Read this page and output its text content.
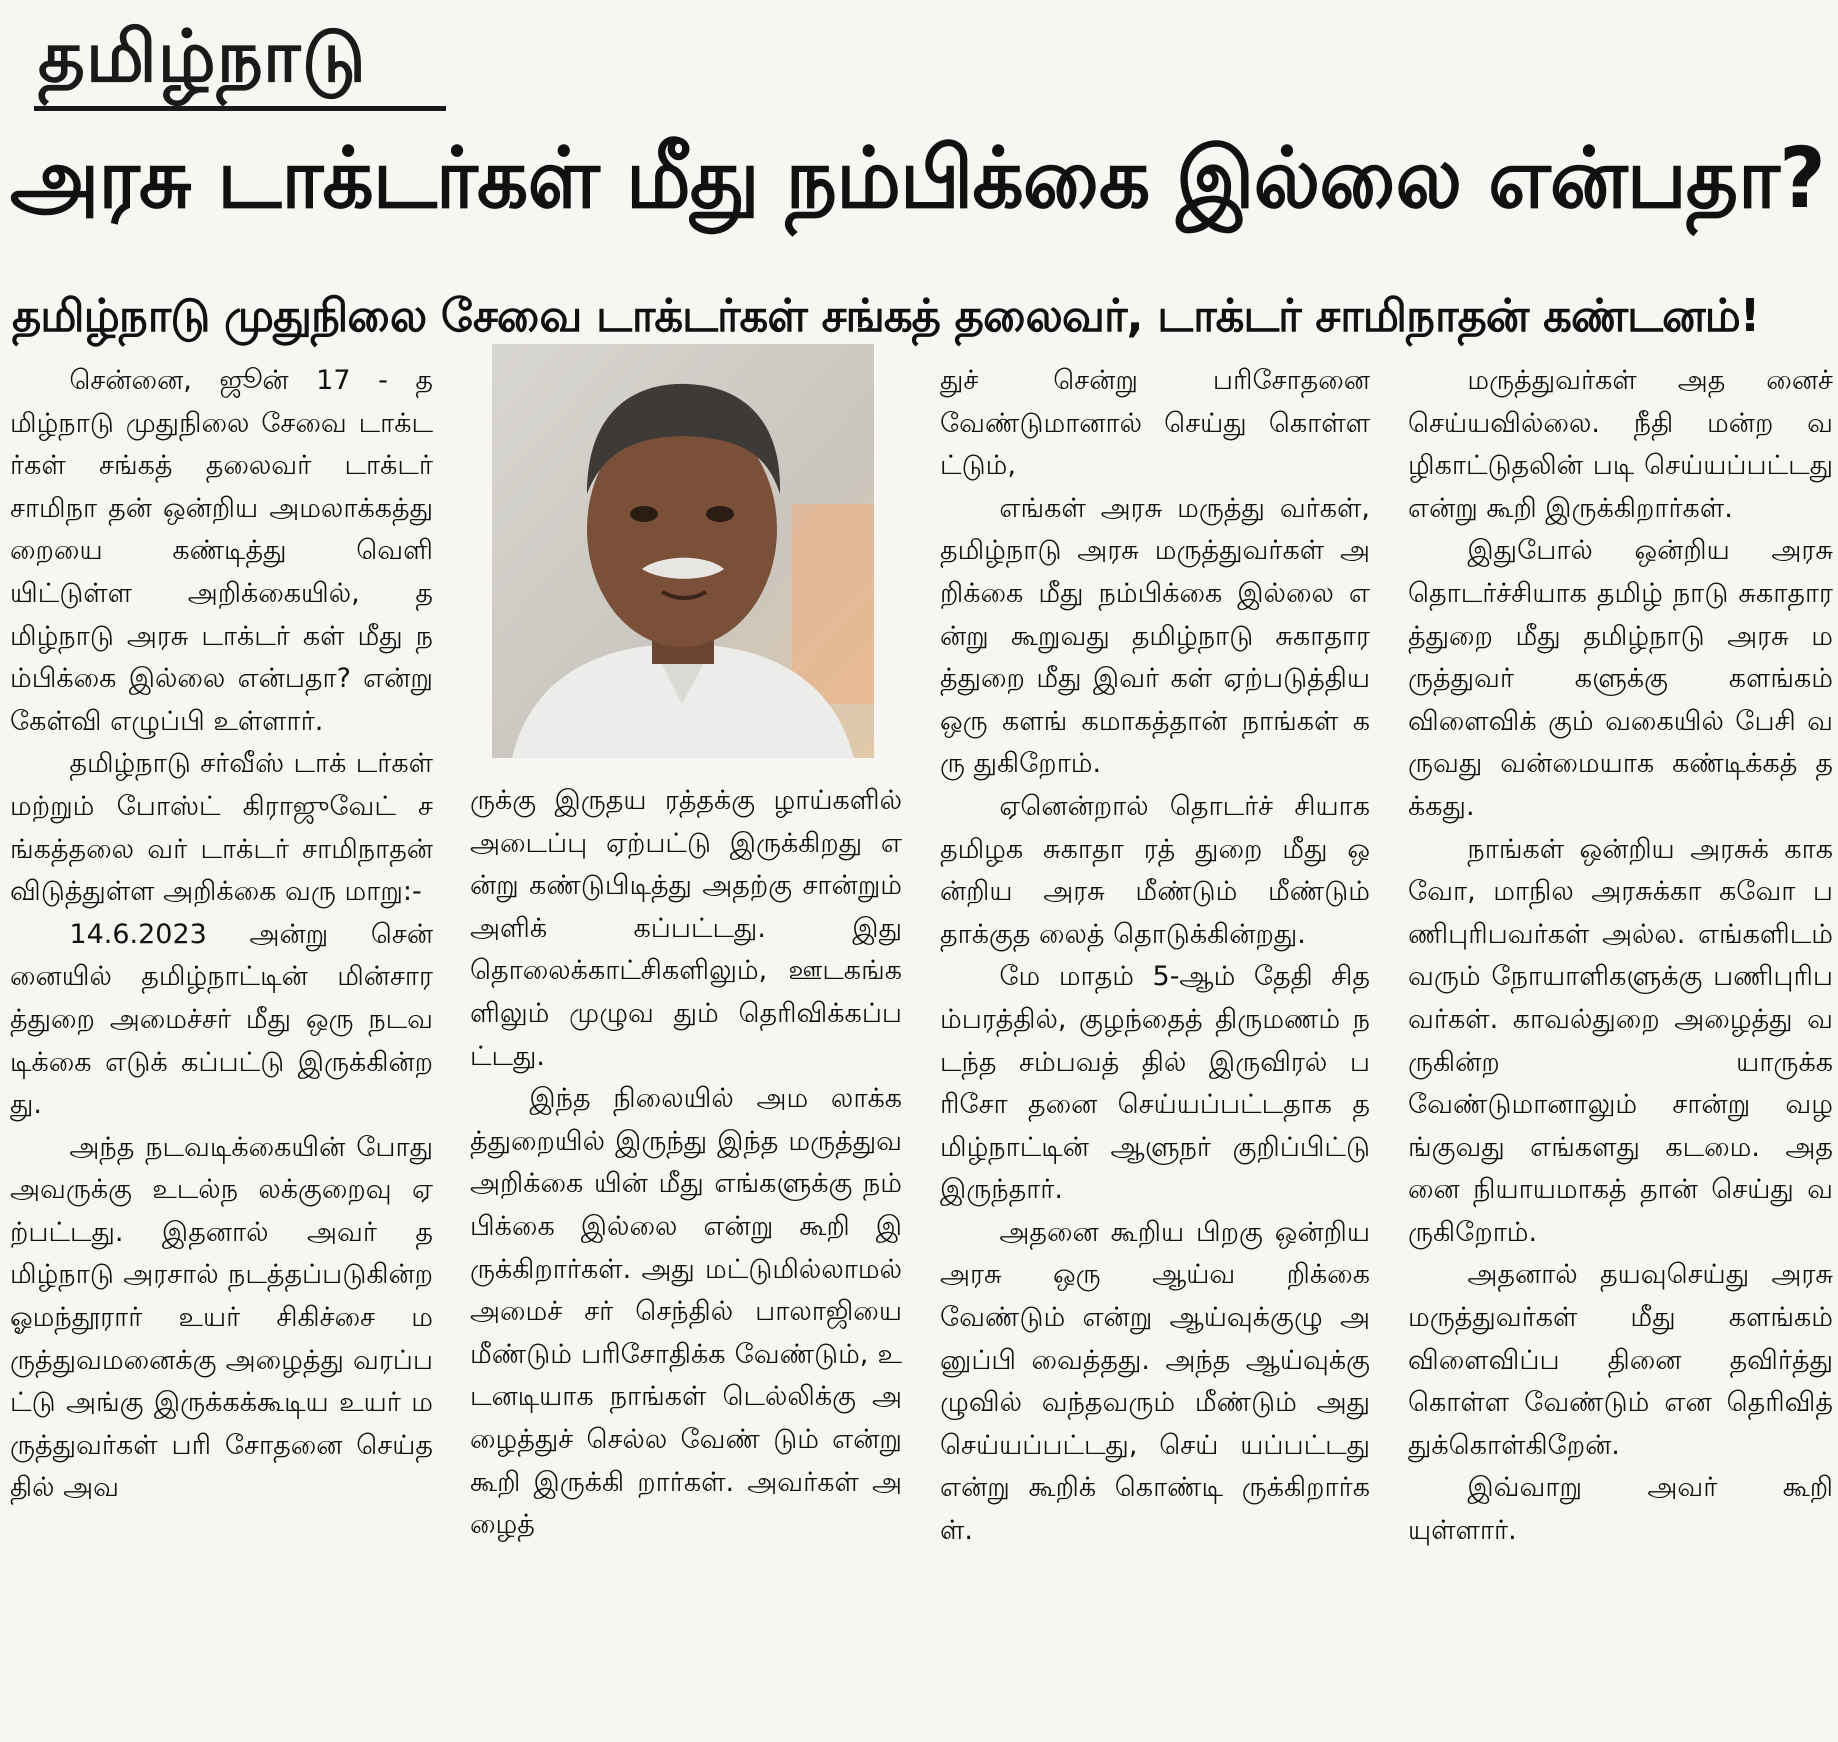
தமிழ்நாடு
அரசு டாக்டர்கள் மீது நம்பிக்கை இல்லை என்பதா?
தமிழ்நாடு முதுநிலை சேவை டாக்டர்கள் சங்கத் தலைவர், டாக்டர் சாமிநாதன் கண்டனம்!

சென்னை, ஜூன் 17 - தமிழ்நாடு முதுநிலை சேவை டாக்டர்கள் சங்கத் தலைவர் டாக்டர் சாமிநா தன் ஒன்றிய அமலாக்கத்து றையை கண்டித்து வெளி யிட்டுள்ள அறிக்கையில், தமிழ்நாடு அரசு டாக்டர் கள் மீது நம்பிக்கை இல்லை என்பதா? என்று கேள்வி எழுப்பி உள்ளார்.

தமிழ்நாடு சர்வீஸ் டாக் டர்கள் மற்றும் போஸ்ட் கிராஜுவேட் சங்கத்தலை வர் டாக்டர் சாமிநாதன் விடுத்துள்ள அறிக்கை வரு மாறு:-

14.6.2023 அன்று சென் னையில் தமிழ்நாட்டின் மின்சாரத்துறை அமைச்சர் மீது ஒரு நடவடிக்கை எடுக் கப்பட்டு இருக்கின்றது.

அந்த நடவடிக்கையின் போது அவருக்கு உடல்ந லக்குறைவு ஏற்பட்டது. இதனால் அவர் தமிழ்நாடு அரசால் நடத்தப்படுகின்ற ஓமந்தூரார் உயர் சிகிச்சை மருத்துவமனைக்கு அழைத்து வரப்பட்டு அங்கு இருக்கக்கூடிய உயர் மருத்துவர்கள் பரி சோதனை செய்ததில் அவ

ருக்கு இருதய ரத்தக்கு ழாய்களில் அடைப்பு ஏற்பட்டு இருக்கிறது என்று கண்டுபிடித்து அதற்கு சான்றும் அளிக் கப்பட்டது. இது தொலைக்காட்சிகளிலும், ஊடகங்களிலும் முழுவ தும் தெரிவிக்கப்பட்டது.

இந்த நிலையில் அம லாக்கத்துறையில் இருந்து இந்த மருத்துவ அறிக்கை யின் மீது எங்களுக்கு நம் பிக்கை இல்லை என்று கூறி இருக்கிறார்கள். அது மட்டுமில்லாமல் அமைச் சர் செந்தில் பாலாஜியை மீண்டும் பரிசோதிக்க வேண்டும், உடனடியாக நாங்கள் டெல்லிக்கு அழைத்துச் செல்ல வேண் டும் என்று கூறி இருக்கி றார்கள். அவர்கள் அழைத்

துச் சென்று பரிசோதனை வேண்டுமானால் செய்து கொள்ளட்டும்,

எங்கள் அரசு மருத்து வர்கள், தமிழ்நாடு அரசு மருத்துவர்கள் அறிக்கை மீது நம்பிக்கை இல்லை என்று கூறுவது தமிழ்நாடு சுகாதாரத்துறை மீது இவர் கள் ஏற்படுத்திய ஒரு களங் கமாகத்தான் நாங்கள் கரு துகிறோம்.

ஏனென்றால் தொடர்ச் சியாக தமிழக சுகாதா ரத் துறை மீது ஒன்றிய அரசு மீண்டும் மீண்டும் தாக்குத லைத் தொடுக்கின்றது.

மே மாதம் 5-ஆம் தேதி சிதம்பரத்தில், குழந்தைத் திருமணம் நடந்த சம்பவத் தில் இருவிரல் பரிசோ தனை செய்யப்பட்டதாக தமிழ்நாட்டின் ஆளுநர் குறிப்பிட்டு இருந்தார்.

அதனை கூறிய பிறகு ஒன்றிய அரசு ஒரு ஆய்வ றிக்கை வேண்டும் என்று ஆய்வுக்குழு அனுப்பி வைத்தது. அந்த ஆய்வுக்கு ழுவில் வந்தவரும் மீண்டும் அது செய்யப்பட்டது, செய் யப்பட்டது என்று கூறிக் கொண்டி ருக்கிறார்கள்.

மருத்துவர்கள் அத னைச் செய்யவில்லை. நீதி மன்ற வழிகாட்டுதலின் படி செய்யப்பட்டது என்று கூறி இருக்கிறார்கள்.

இதுபோல் ஒன்றிய அரசு தொடர்ச்சியாக தமிழ் நாடு சுகாதாரத்துறை மீது தமிழ்நாடு அரசு மருத்துவர் களுக்கு களங்கம் விளைவிக் கும் வகையில் பேசி வருவது வன்மையாக கண்டிக்கத் தக்கது.

நாங்கள் ஒன்றிய அரசுக் காகவோ, மாநில அரசுக்கா கவோ பணிபுரிபவர்கள் அல்ல. எங்களிடம் வரும் நோயாளிகளுக்கு பணிபுரிப வர்கள். காவல்துறை அழைத்து வருகின்ற யாருக்க வேண்டுமானாலும் சான்று வழங்குவது எங்களது கடமை. அதனை நியாயமாகத் தான் செய்து வருகிறோம்.

அதனால் தயவுசெய்து அரசு மருத்துவர்கள் மீது களங்கம் விளைவிப்ப தினை தவிர்த்து கொள்ள வேண்டும் என தெரிவித் துக்கொள்கிறேன்.

இவ்வாறு அவர் கூறி யுள்ளார்.
